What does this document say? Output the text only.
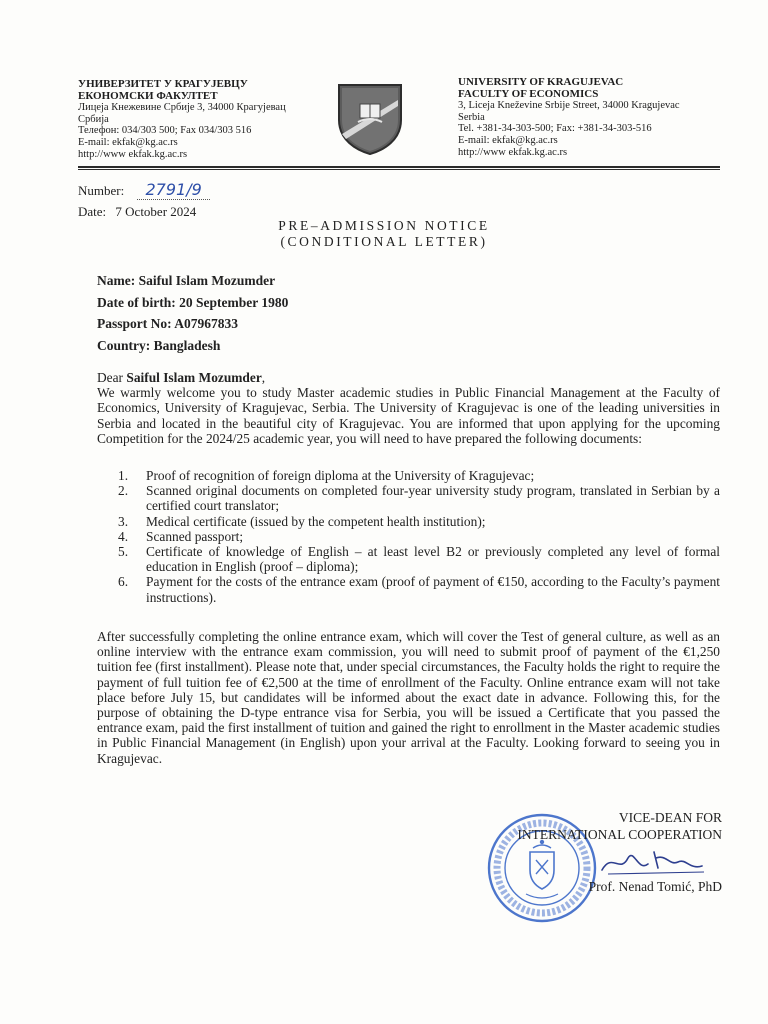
УНИВЕРЗИТЕТ У КРАГУЈЕВЦУ
ЕКОНОМСКИ ФАКУЛТЕТ
Лицеја Кнежевине Србије 3, 34000 Крагујевац
Србија
Телефон: 034/303 500; Fax 034/303 516
E-mail: ekfak@kg.ac.rs
http://www ekfak.kg.ac.rs
UNIVERSITY OF KRAGUJEVAC
FACULTY OF ECONOMICS
3, Liceja Kneževine Srbije Street, 34000 Kragujevac
Serbia
Tel. +381-34-303-500; Fax: +381-34-303-516
E-mail: ekfak@kg.ac.rs
http://www ekfak.kg.ac.rs
Number: 2791/9
Date: 7 October 2024
PRE–ADMISSION NOTICE
(CONDITIONAL LETTER)
Name: Saiful Islam Mozumder
Date of birth: 20 September 1980
Passport No: A07967833
Country: Bangladesh
Dear Saiful Islam Mozumder,
We warmly welcome you to study Master academic studies in Public Financial Management at the Faculty of Economics, University of Kragujevac, Serbia. The University of Kragujevac is one of the leading universities in Serbia and located in the beautiful city of Kragujevac. You are informed that upon applying for the upcoming Competition for the 2024/25 academic year, you will need to have prepared the following documents:
1. Proof of recognition of foreign diploma at the University of Kragujevac;
2. Scanned original documents on completed four-year university study program, translated in Serbian by a certified court translator;
3. Medical certificate (issued by the competent health institution);
4. Scanned passport;
5. Certificate of knowledge of English – at least level B2 or previously completed any level of formal education in English (proof – diploma);
6. Payment for the costs of the entrance exam (proof of payment of €150, according to the Faculty’s payment instructions).
After successfully completing the online entrance exam, which will cover the Test of general culture, as well as an online interview with the entrance exam commission, you will need to submit proof of payment of the €1,250 tuition fee (first installment). Please note that, under special circumstances, the Faculty holds the right to require the payment of full tuition fee of €2,500 at the time of enrollment of the Faculty. Online entrance exam will not take place before July 15, but candidates will be informed about the exact date in advance. Following this, for the purpose of obtaining the D-type entrance visa for Serbia, you will be issued a Certificate that you passed the entrance exam, paid the first installment of tuition and gained the right to enrollment in the Master academic studies in Public Financial Management (in English) upon your arrival at the Faculty. Looking forward to seeing you in Kragujevac.
VICE-DEAN FOR
INTERNATIONAL COOPERATION
Prof. Nenad Tomić, PhD
